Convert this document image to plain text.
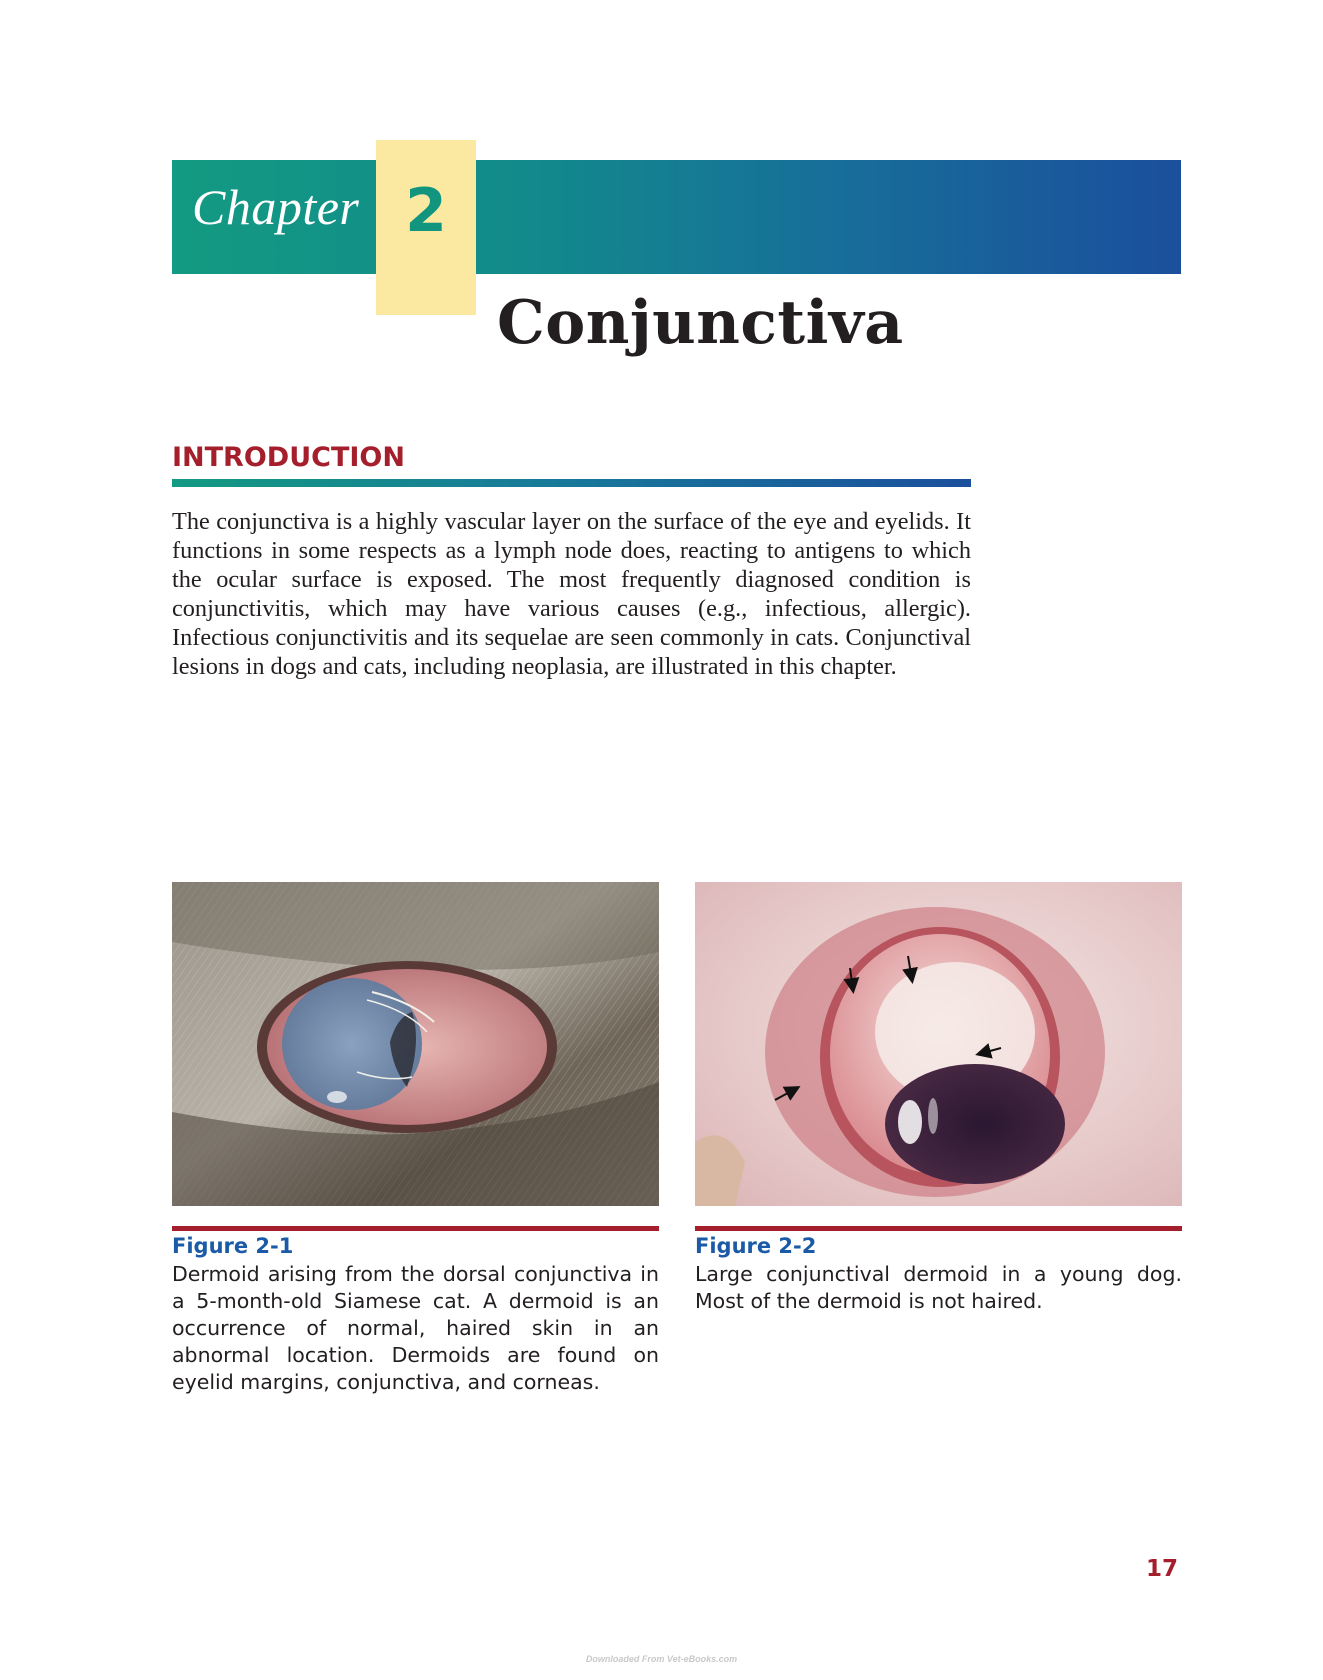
Chapter 2
Conjunctiva
INTRODUCTION

The conjunctiva is a highly vascular layer on the surface of the eye and eyelids. It functions in some respects as a lymph node does, reacting to antigens to which the ocular surface is exposed. The most frequently diagnosed condition is conjunctivitis, which may have various causes (e.g., infectious, allergic). Infectious conjunctivitis and its sequelae are seen commonly in cats. Conjunctival lesions in dogs and cats, including neoplasia, are illustrated in this chapter.

Figure 2-1

Dermoid arising from the dorsal conjunctiva in a 5-month-old Siamese cat. A dermoid is an occurrence of normal, haired skin in an abnormal location. Dermoids are found on eyelid margins, conjunctiva, and corneas.

Figure 2-2

Large conjunctival dermoid in a young dog. Most of the dermoid is not haired.

17
Downloaded From Vet-eBooks.com
